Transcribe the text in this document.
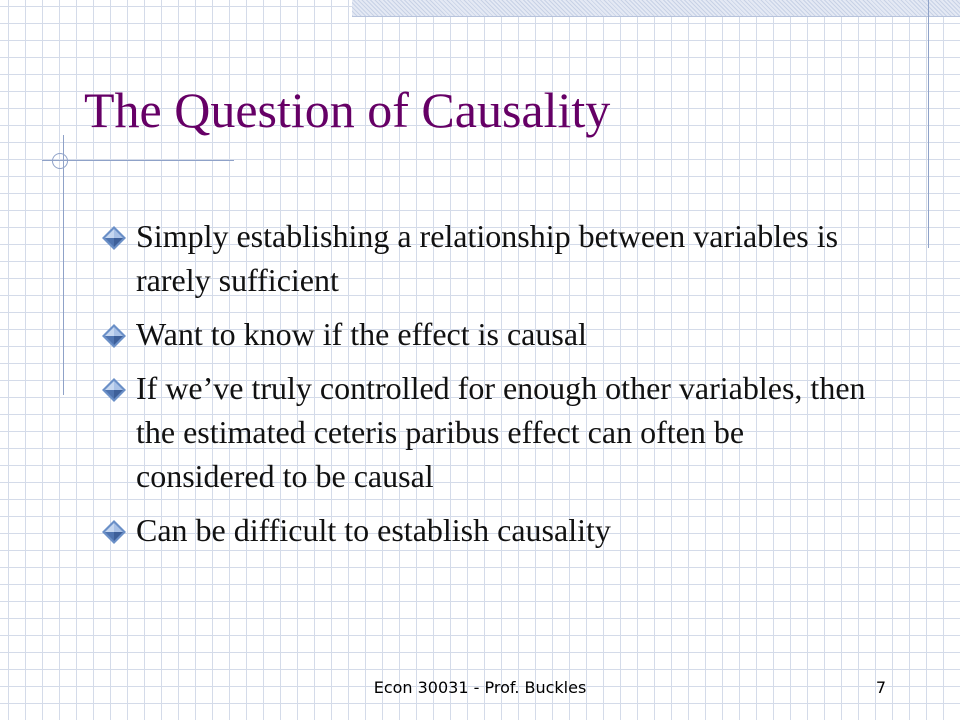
The Question of Causality
Simply establishing a relationship between variables is rarely sufficient
Want to know if the effect is causal
If we’ve truly controlled for enough other variables, then the estimated ceteris paribus effect can often be considered to be causal
Can be difficult to establish causality
Econ 30031 - Prof. Buckles	7
